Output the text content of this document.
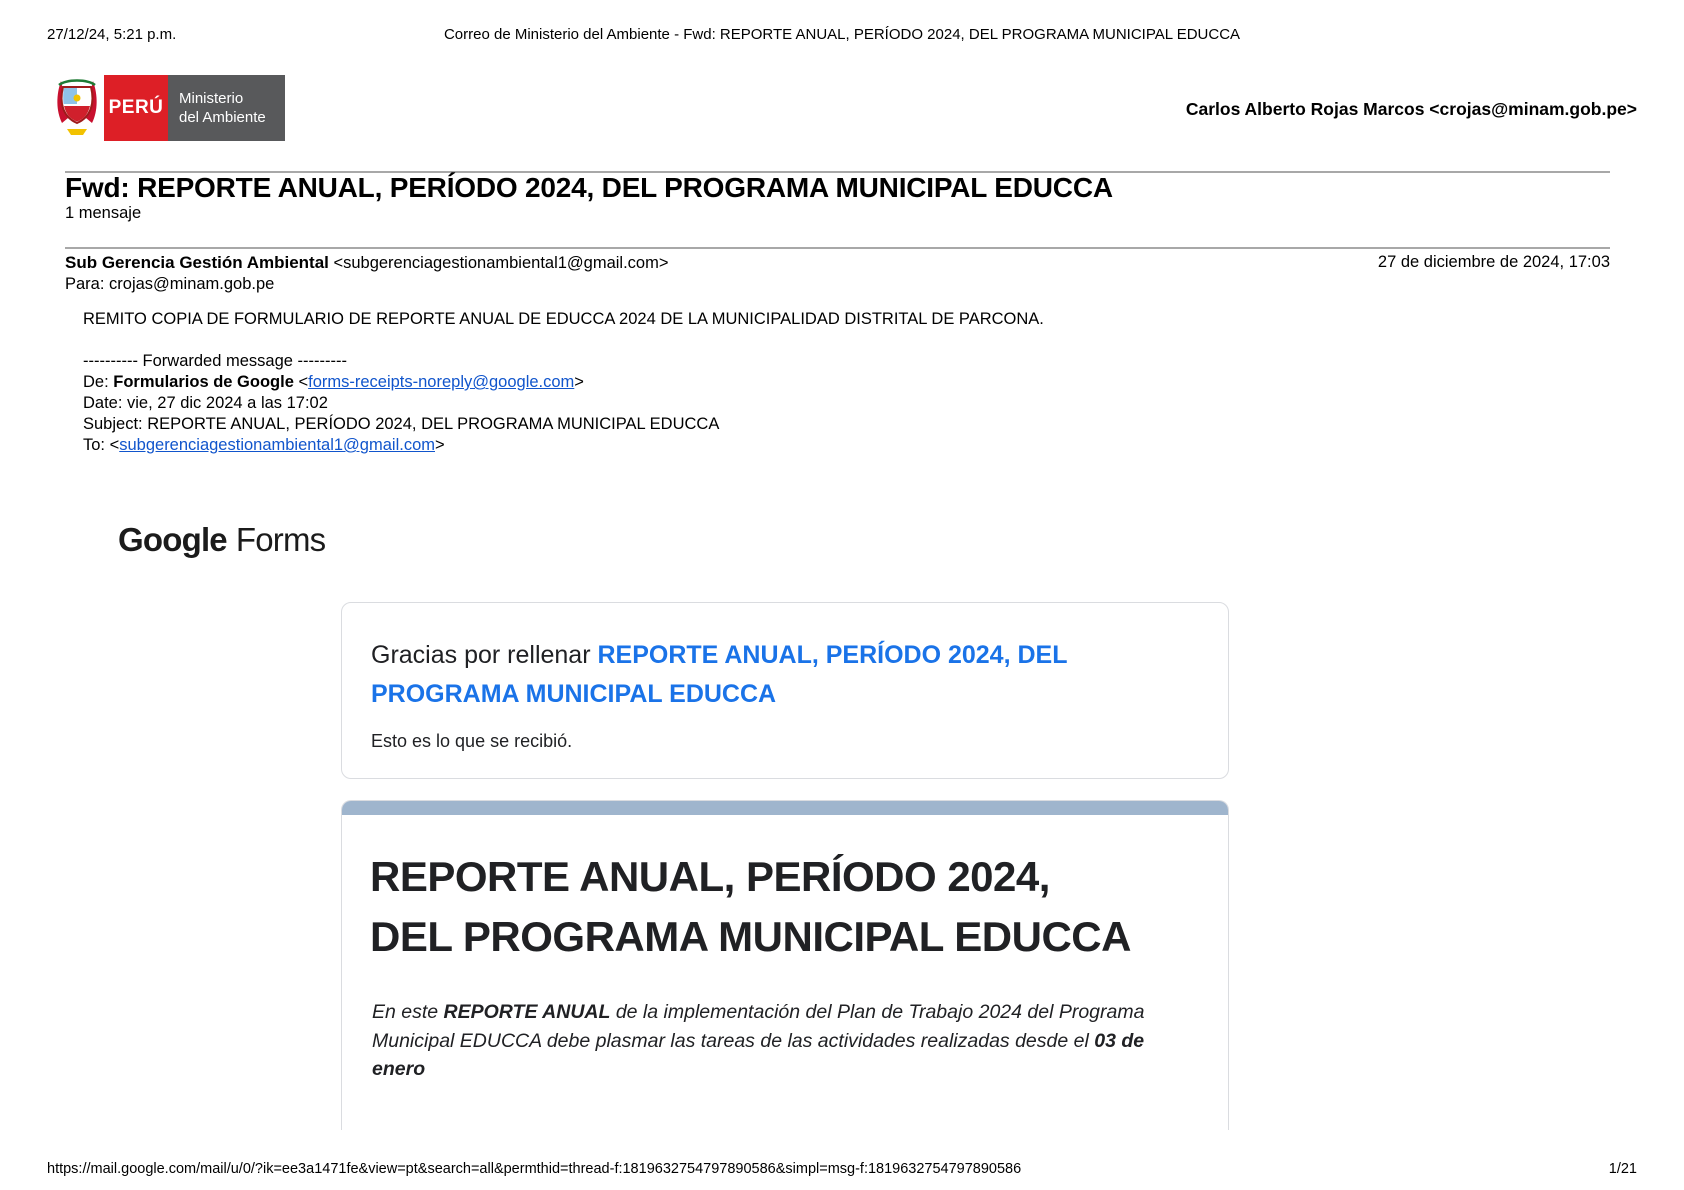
27/12/24, 5:21 p.m.	Correo de Ministerio del Ambiente - Fwd: REPORTE ANUAL, PERÍODO 2024, DEL PROGRAMA MUNICIPAL EDUCCA
PERÚ Ministerio
del Ambiente	Carlos Alberto Rojas Marcos <crojas@minam.gob.pe>
Fwd: REPORTE ANUAL, PERÍODO 2024, DEL PROGRAMA MUNICIPAL EDUCCA
1 mensaje
Sub Gerencia Gestión Ambiental <subgerenciagestionambiental1@gmail.com>	27 de diciembre de 2024, 17:03
Para: crojas@minam.gob.pe
REMITO COPIA DE FORMULARIO DE REPORTE ANUAL DE EDUCCA 2024 DE LA MUNICIPALIDAD DISTRITAL DE PARCONA.
---------- Forwarded message ---------
De: Formularios de Google <forms-receipts-noreply@google.com>
Date: vie, 27 dic 2024 a las 17:02
Subject: REPORTE ANUAL, PERÍODO 2024, DEL PROGRAMA MUNICIPAL EDUCCA
To: <subgerenciagestionambiental1@gmail.com>
Google Forms
Gracias por rellenar REPORTE ANUAL, PERÍODO 2024, DEL PROGRAMA MUNICIPAL EDUCCA
Esto es lo que se recibió.
REPORTE ANUAL, PERÍODO 2024,
DEL PROGRAMA MUNICIPAL EDUCCA
En este REPORTE ANUAL de la implementación del Plan de Trabajo 2024 del Programa Municipal EDUCCA debe plasmar las tareas de las actividades realizadas desde el 03 de enero
https://mail.google.com/mail/u/0/?ik=ee3a1471fe&view=pt&search=all&permthid=thread-f:1819632754797890586&simpl=msg-f:1819632754797890586	1/21
